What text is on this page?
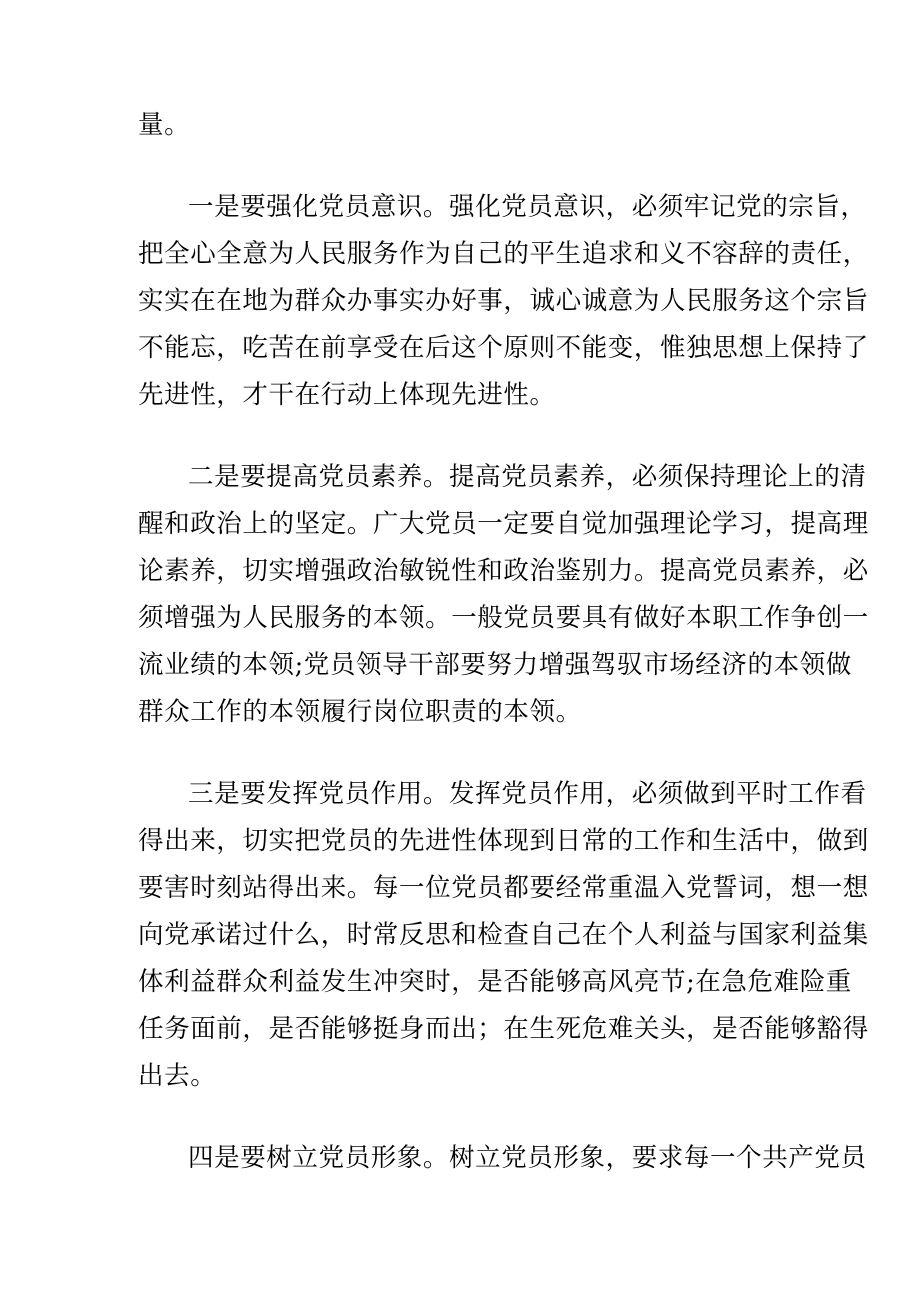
量。
一是要强化党员意识。强化党员意识，必须牢记党的宗旨，
把全心全意为人民服务作为自己的平生追求和义不容辞的责任，
实实在在地为群众办事实办好事，诚心诚意为人民服务这个宗旨
不能忘，吃苦在前享受在后这个原则不能变，惟独思想上保持了
先进性，才干在行动上体现先进性。
二是要提高党员素养。提高党员素养，必须保持理论上的清
醒和政治上的坚定。广大党员一定要自觉加强理论学习，提高理
论素养，切实增强政治敏锐性和政治鉴别力。提高党员素养，必
须增强为人民服务的本领。一般党员要具有做好本职工作争创一
流业绩的本领;党员领导干部要努力增强驾驭市场经济的本领做
群众工作的本领履行岗位职责的本领。
三是要发挥党员作用。发挥党员作用，必须做到平时工作看
得出来，切实把党员的先进性体现到日常的工作和生活中，做到
要害时刻站得出来。每一位党员都要经常重温入党誓词，想一想
向党承诺过什么，时常反思和检查自己在个人利益与国家利益集
体利益群众利益发生冲突时，是否能够高风亮节;在急危难险重
任务面前，是否能够挺身而出；在生死危难关头，是否能够豁得
出去。
四是要树立党员形象。树立党员形象，要求每一个共产党员
